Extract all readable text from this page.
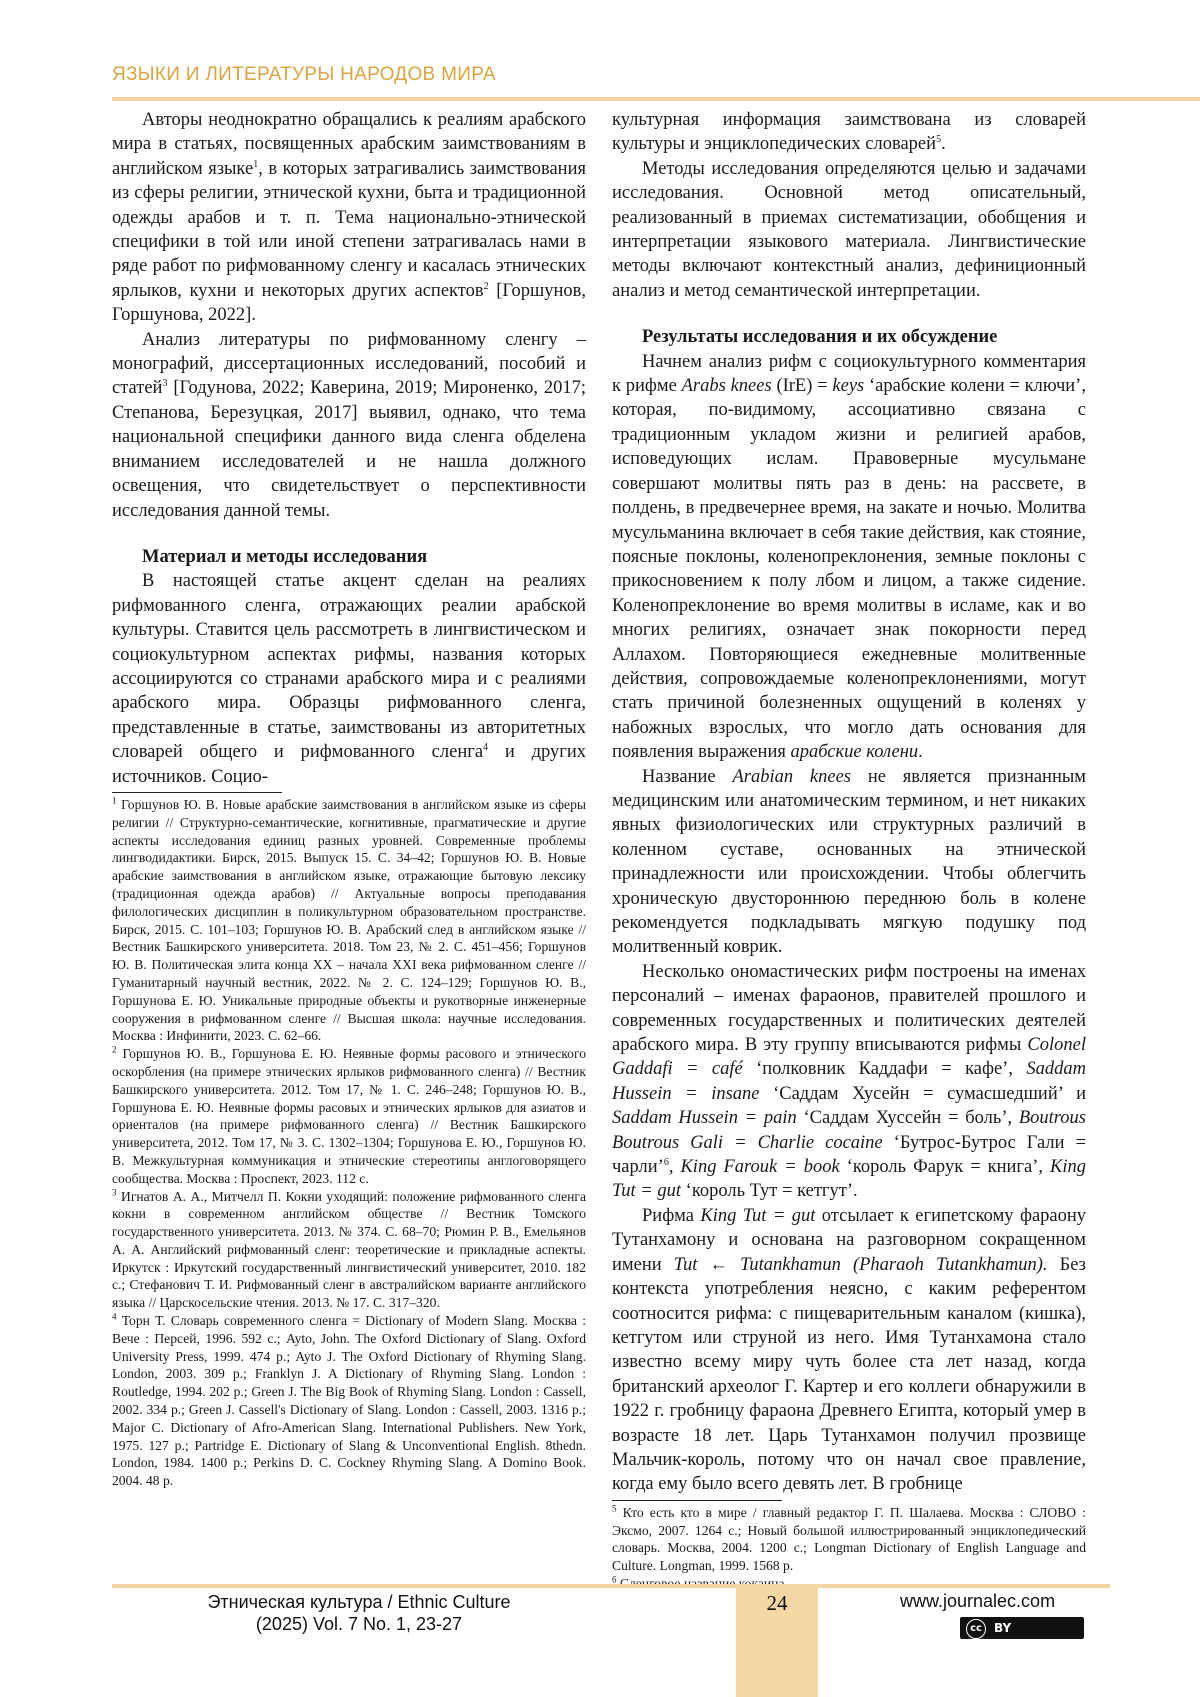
ЯЗЫКИ И ЛИТЕРАТУРЫ НАРОДОВ МИРА

Авторы неоднократно обращались к реалиям арабского мира в статьях, посвященных арабским заимствованиям в английском языке$^1$, в которых затрагивались заимствования из сферы религии, этнической кухни, быта и традиционной одежды арабов и т. п. Тема национально-этнической специфики в той или иной степени затрагивалась нами в ряде работ по рифмованному сленгу и касалась этнических ярлыков, кухни и некоторых других аспектов$^2$ [Горшунов, Горшунова, 2022].

Анализ литературы по рифмованному сленгу – монографий, диссертационных исследований, пособий и статей$^3$ [Годунова, 2022; Каверина, 2019; Мироненко, 2017; Степанова, Березуцкая, 2017] выявил, однако, что тема национальной специфики данного вида сленга обделена вниманием исследователей и не нашла должного освещения, что свидетельствует о перспективности исследования данной темы.

Материал и методы исследования

В настоящей статье акцент сделан на реалиях рифмованного сленга, отражающих реалии арабской культуры. Ставится цель рассмотреть в лингвистическом и социокультурном аспектах рифмы, названия которых ассоциируются со странами арабского мира и с реалиями арабского мира. Образцы рифмованного сленга, представленные в статье, заимствованы из авторитетных словарей общего и рифмованного сленга$^4$ и других источников. Социо-

$^1$ Горшунов Ю. В. Новые арабские заимствования в английском языке из сферы религии // Структурно-семантические, когнитивные, прагматические и другие аспекты исследования единиц разных уровней. Современные проблемы лингводидактики. Бирск, 2015. Выпуск 15. С. 34–42; Горшунов Ю. В. Новые арабские заимствования в английском языке, отражающие бытовую лексику (традиционная одежда арабов) // Актуальные вопросы преподавания филологических дисциплин в поликультурном образовательном пространстве. Бирск, 2015. С. 101–103; Горшунов Ю. В. Арабский след в английском языке // Вестник Башкирского университета. 2018. Том 23, № 2. С. 451–456; Горшунов Ю. В. Политическая элита конца XX – начала XXI века рифмованном сленге // Гуманитарный научный вестник, 2022. № 2. С. 124–129; Горшунов Ю. В., Горшунова Е. Ю. Уникальные природные объекты и рукотворные инженерные сооружения в рифмованном сленге // Высшая школа: научные исследования. Москва : Инфинити, 2023. С. 62–66.

$^2$ Горшунов Ю. В., Горшунова Е. Ю. Неявные формы расового и этнического оскорбления (на примере этнических ярлыков рифмованного сленга) // Вестник Башкирского университета. 2012. Том 17, № 1. С. 246–248; Горшунов Ю. В., Горшунова Е. Ю. Неявные формы расовых и этнических ярлыков для азиатов и ориенталов (на примере рифмованного сленга) // Вестник Башкирского университета, 2012. Том 17, № 3. С. 1302–1304; Горшунова Е. Ю., Горшунов Ю. В. Межкультурная коммуникация и этнические стереотипы англоговорящего сообщества. Москва : Проспект, 2023. 112 с.

$^3$ Игнатов А. А., Митчелл П. Кокни уходящий: положение рифмованного сленга кокни в современном английском обществе // Вестник Томского государственного университета. 2013. № 374. С. 68–70; Рюмин Р. В., Емельянов А. А. Английский рифмованный сленг: теоретические и прикладные аспекты. Иркутск : Иркутский государственный лингвистический университет, 2010. 182 с.; Стефанович Т. И. Рифмованный сленг в австралийском варианте английского языка // Царскосельские чтения. 2013. № 17. С. 317–320.

$^4$ Торн Т. Словарь современного сленга = Dictionary of Modern Slang. Москва : Вече : Персей, 1996. 592 с.; Ayto, John. The Oxford Dictionary of Slang. Oxford University Press, 1999. 474 p.; Ayto J. The Oxford Dictionary of Rhyming Slang. London, 2003. 309 p.; Franklyn J. A Dictionary of Rhyming Slang. London : Routledge, 1994. 202 p.; Green J. The Big Book of Rhyming Slang. London : Cassell, 2002. 334 p.; Green J. Cassell's Dictionary of Slang. London : Cassell, 2003. 1316 p.; Major C. Dictionary of Afro-American Slang. International Publishers. New York, 1975. 127 p.; Partridge E. Dictionary of Slang & Unconventional English. 8thedn. London, 1984. 1400 p.; Perkins D. C. Cockney Rhyming Slang. A Domino Book. 2004. 48 p.

культурная информация заимствована из словарей культуры и энциклопедических словарей$^5$.

Методы исследования определяются целью и задачами исследования. Основной метод описательный, реализованный в приемах систематизации, обобщения и интерпретации языкового материала. Лингвистические методы включают контекстный анализ, дефиниционный анализ и метод семантической интерпретации.

Результаты исследования и их обсуждение

Начнем анализ рифм с социокультурного комментария к рифме Arabs knees (IrE) = keys ‘арабские колени = ключи’, которая, по-видимому, ассоциативно связана с традиционным укладом жизни и религией арабов, исповедующих ислам. Правоверные мусульмане совершают молитвы пять раз в день: на рассвете, в полдень, в предвечернее время, на закате и ночью. Молитва мусульманина включает в себя такие действия, как стояние, поясные поклоны, коленопреклонения, земные поклоны с прикосновением к полу лбом и лицом, а также сидение. Коленопреклонение во время молитвы в исламе, как и во многих религиях, означает знак покорности перед Аллахом. Повторяющиеся ежедневные молитвенные действия, сопровождаемые коленопреклонениями, могут стать причиной болезненных ощущений в коленях у набожных взрослых, что могло дать основания для появления выражения арабские колени.

Название Arabian knees не является признанным медицинским или анатомическим термином, и нет никаких явных физиологических или структурных различий в коленном суставе, основанных на этнической принадлежности или происхождении. Чтобы облегчить хроническую двустороннюю переднюю боль в колене рекомендуется подкладывать мягкую подушку под молитвенный коврик.

Несколько ономастических рифм построены на именах персоналий – именах фараонов, правителей прошлого и современных государственных и политических деятелей арабского мира. В эту группу вписываются рифмы Colonel Gaddafi = café ‘полковник Каддафи = кафе’, Saddam Hussein = insane ‘Саддам Хусейн = сумасшедший’ и Saddam Hussein = pain ‘Саддам Хуссейн = боль’, Boutrous Boutrous Gali = Charlie cocaine ‘Бутрос-Бутрос Гали = чарли’$^6$, King Farouk = book ‘король Фарук = книга’, King Tut = gut ‘король Тут = кетгут’.

Рифма King Tut = gut отсылает к египетскому фараону Тутанхамону и основана на разговорном сокращенном имени Tut ← Tutankhamun (Pharaoh Tutankhamun). Без контекста употребления неясно, с каким референтом соотносится рифма: с пищеварительным каналом (кишка), кетгутом или струной из него. Имя Тутанхамона стало известно всему миру чуть более ста лет назад, когда британский археолог Г. Картер и его коллеги обнаружили в 1922 г. гробницу фараона Древнего Египта, который умер в возрасте 18 лет. Царь Тутанхамон получил прозвище Мальчик-король, потому что он начал свое правление, когда ему было всего девять лет. В гробнице

$^5$ Кто есть кто в мире / главный редактор Г. П. Шалаева. Москва : СЛОВО : Эксмо, 2007. 1264 с.; Новый большой иллюстрированный энциклопедический словарь. Москва, 2004. 1200 с.; Longman Dictionary of English Language and Culture. Longman, 1999. 1568 p.

$^6$

Этническая культура / Ethnic Culture
(2025) Vol. 7 No. 1, 23-27
24	www.journalec.com
cc BY
